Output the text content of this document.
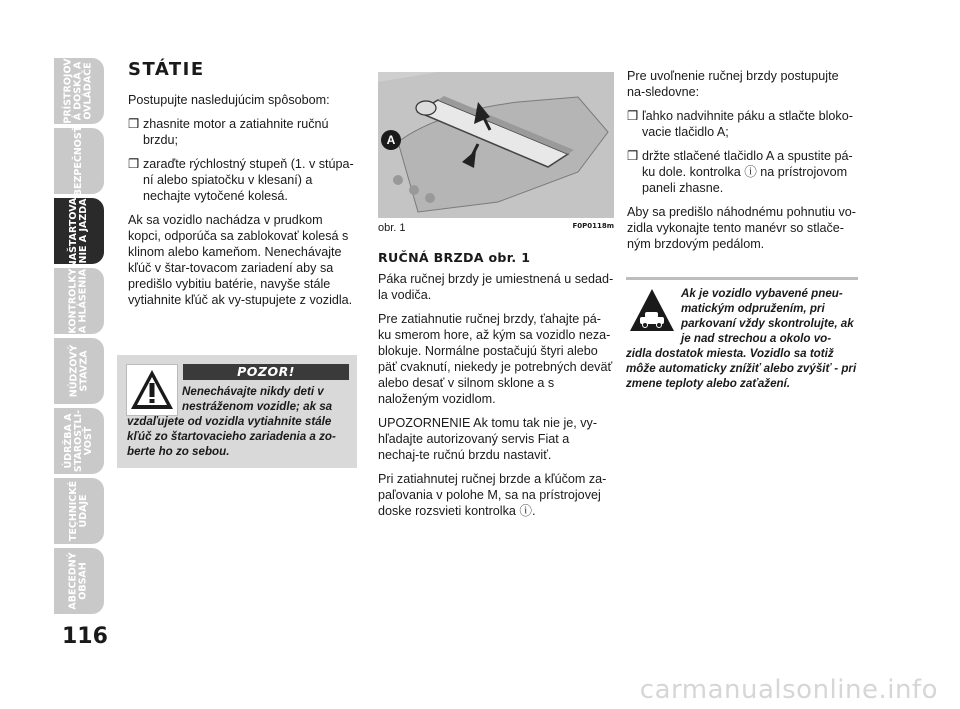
PRÍSTROJOV
Á DOSKA A
OVLÁDAČE
BEZPEČNOSŤ
NAŠTARTOVA-
NIE A JAZDA
KONTROLKY
A HLÁSENIA
NÚDZOVÝ
STAVZA
ÚDRŽBA A
STAROSTLI-
VOSŤ
TECHNICKÉ
ÚDAJE
ABECEDNÝ
OBSAH
116
STÁTIE

Postupujte nasledujúcim spôsobom:

❒ zhasnite motor a zatiahnite ručnú brzdu;
❒ zaraďte rýchlostný stupeň (1. v stúpa-ní alebo spiatočku v klesaní) a nechajte vytočené kolesá.

Ak sa vozidlo nachádza v prudkom kopci, odporúča sa zablokovať kolesá s klinom alebo kameňom. Nenechávajte kľúč v štar-tovacom zariadení aby sa predišlo vybitiu batérie, navyše stále vytiahnite kľúč ak vy-stupujete z vozidla.

POZOR!
Nenechávajte nikdy deti v nestráženom vozidle; ak sa
vzdaľujete od vozidla vytiahnite stále kľúč zo štartovacieho zariadenia a zo-berte ho zo sebou.
A
obr. 1	F0P0118m
RUČNÁ BRZDA obr. 1

Páka ručnej brzdy je umiestnená u sedad-la vodiča.

Pre zatiahnutie ručnej brzdy, ťahajte pá-ku smerom hore, až kým sa vozidlo neza-blokuje. Normálne postačujú štyri alebo päť cvaknutí, niekedy je potrebných deväť alebo desať v silnom sklone a s naloženým vozidlom.

UPOZORNENIE Ak tomu tak nie je, vy-hľadajte autorizovaný servis Fiat a nechaj-te ručnú brzdu nastaviť.

Pri zatiahnutej ručnej brzde a kľúčom za-paľovania v polohe M, sa na prístrojovej doske rozsvieti kontrolka ⓘ.

Pre uvoľnenie ručnej brzdy postupujte na-sledovne:

❒ ľahko nadvihnite páku a stlačte bloko-vacie tlačidlo A;
❒ držte stlačené tlačidlo A a spustite pá-ku dole. kontrolka ⓘ na prístrojovom paneli zhasne.

Aby sa predišlo náhodnému pohnutiu vo-zidla vykonajte tento manévr so stlače-ným brzdovým pedálom.

Ak je vozidlo vybavené pneu-matickým odpružením, pri parkovaní vždy skontrolujte, ak je nad strechou a okolo vo-
zidla dostatok miesta. Vozidlo sa totiž môže automaticky znížiť alebo zvýšiť - pri zmene teploty alebo zaťažení.
carmanualsonline.info
